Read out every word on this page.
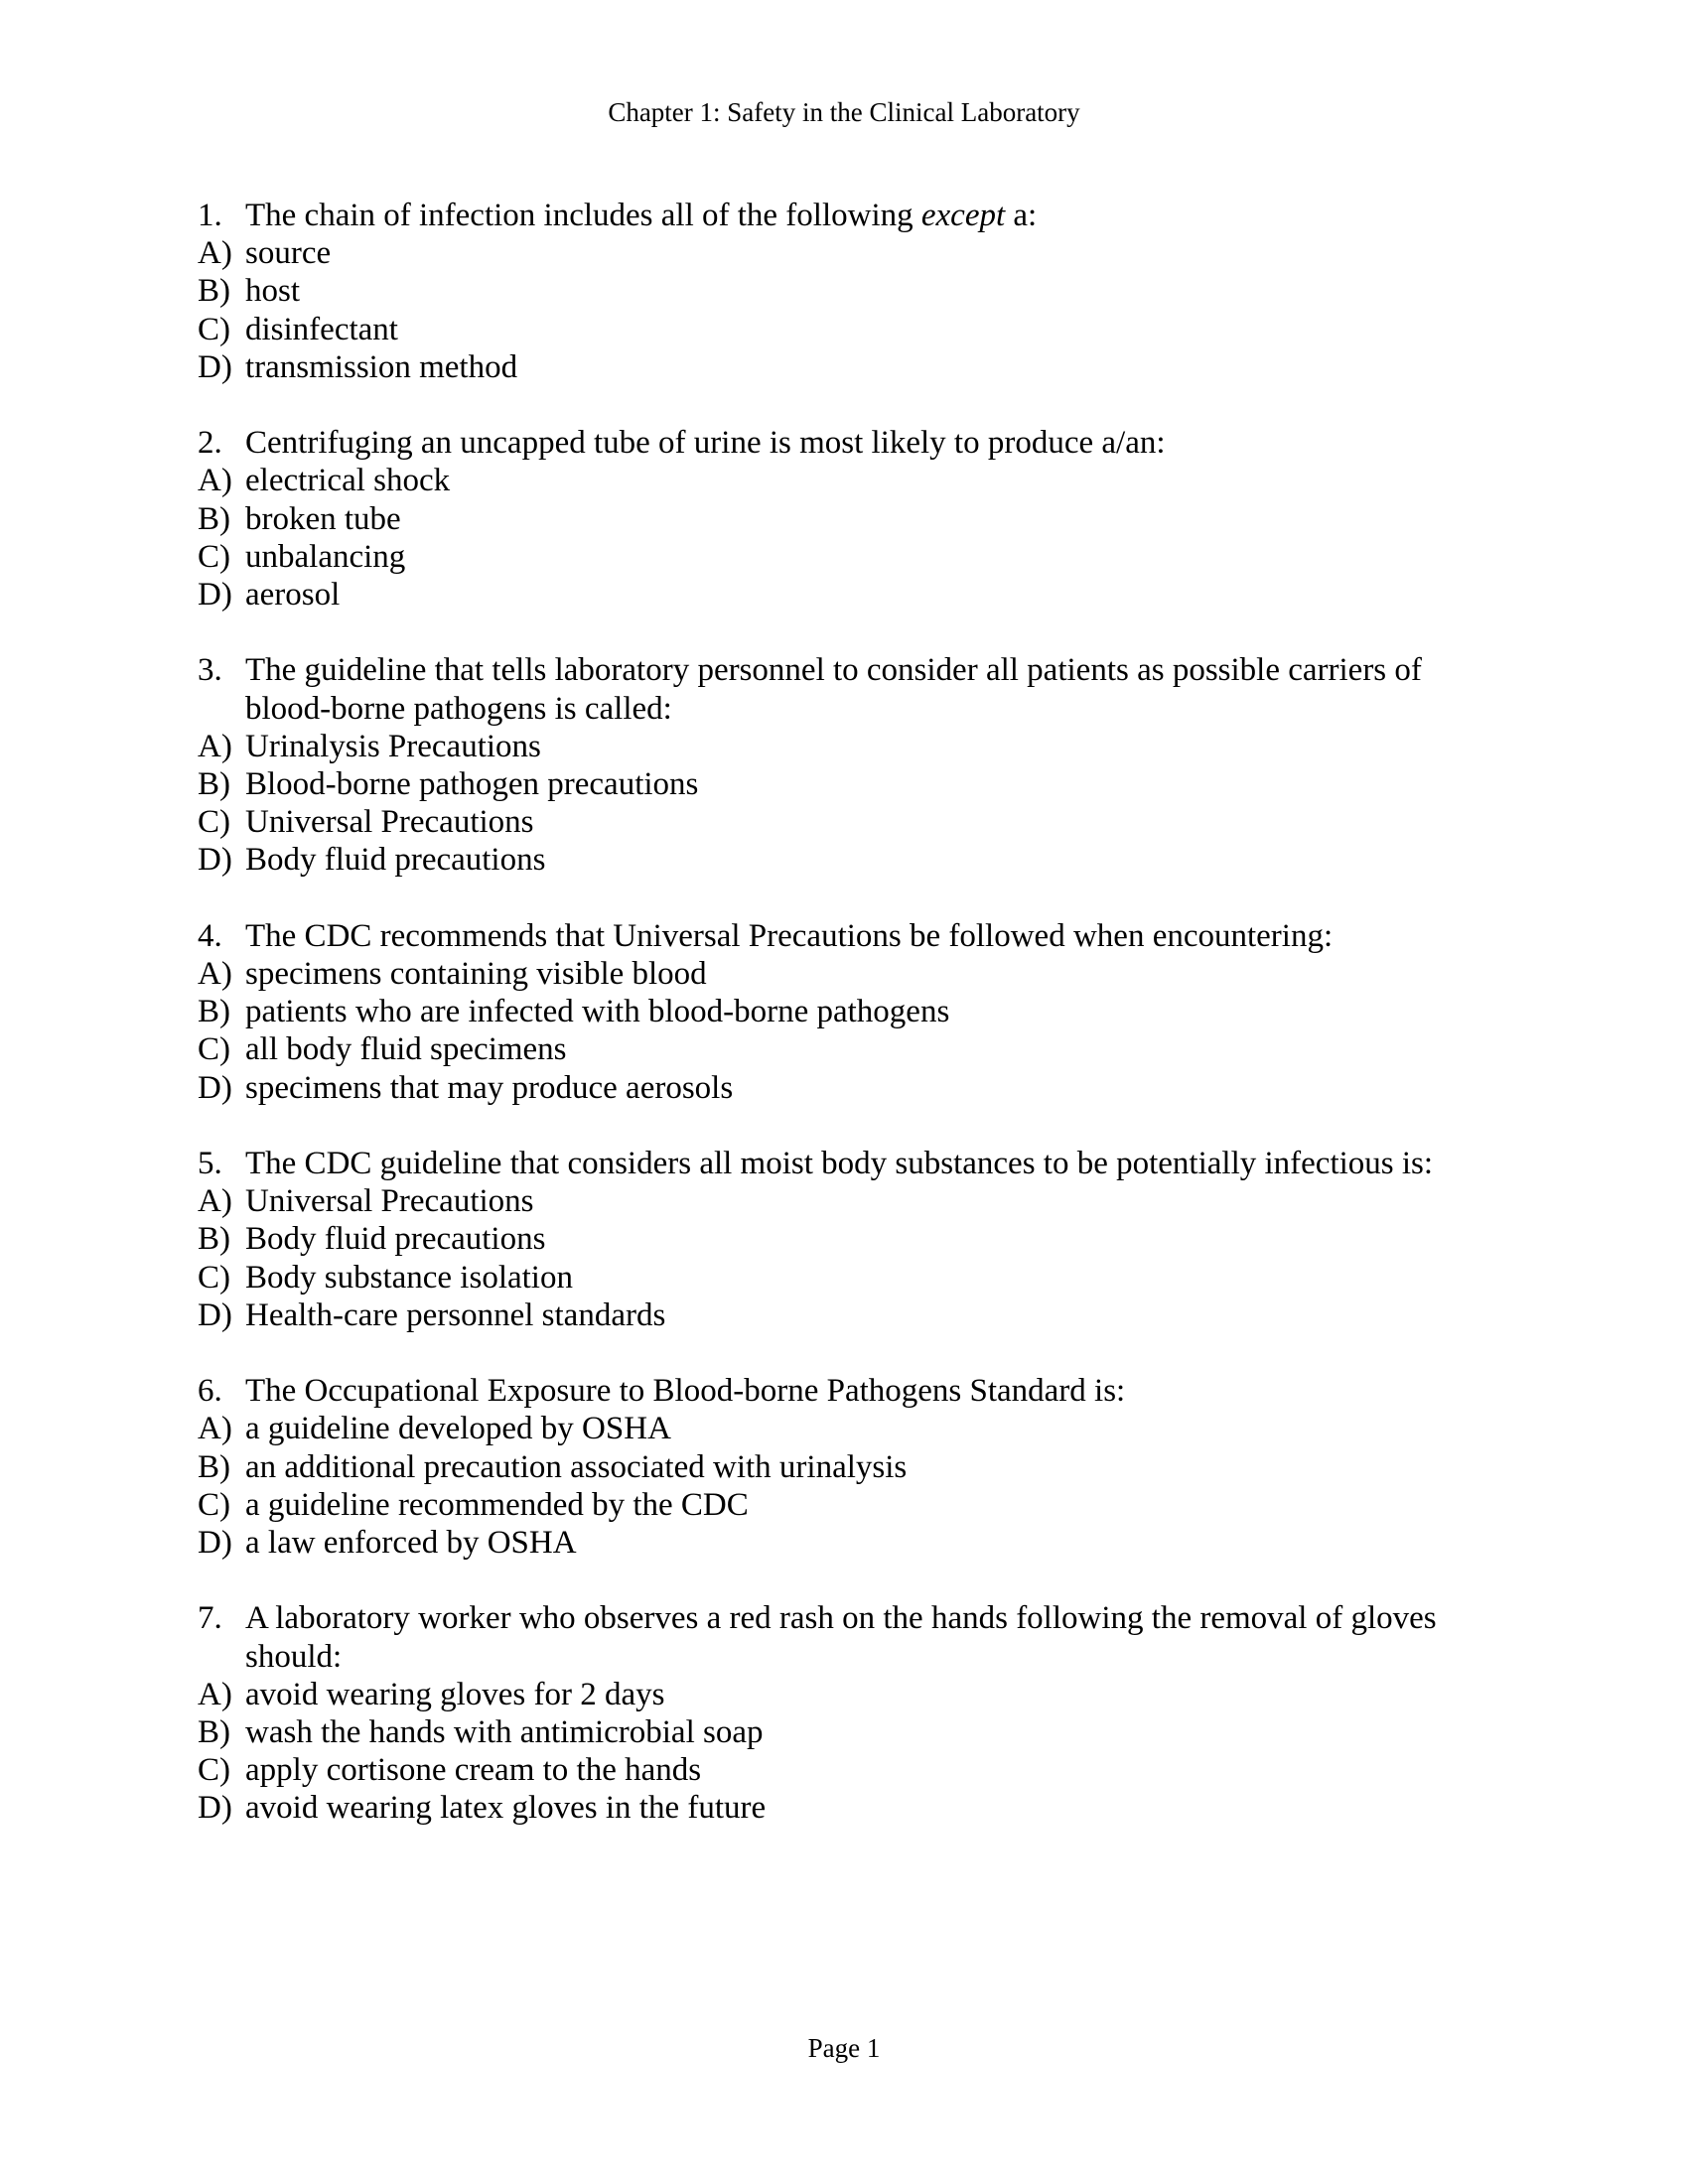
Chapter 1: Safety in the Clinical Laboratory
1. The chain of infection includes all of the following except a:
A) source
B) host
C) disinfectant
D) transmission method
2. Centrifuging an uncapped tube of urine is most likely to produce a/an:
A) electrical shock
B) broken tube
C) unbalancing
D) aerosol
3. The guideline that tells laboratory personnel to consider all patients as possible carriers of blood-borne pathogens is called:
A) Urinalysis Precautions
B) Blood-borne pathogen precautions
C) Universal Precautions
D) Body fluid precautions
4. The CDC recommends that Universal Precautions be followed when encountering:
A) specimens containing visible blood
B) patients who are infected with blood-borne pathogens
C) all body fluid specimens
D) specimens that may produce aerosols
5. The CDC guideline that considers all moist body substances to be potentially infectious is:
A) Universal Precautions
B) Body fluid precautions
C) Body substance isolation
D) Health-care personnel standards
6. The Occupational Exposure to Blood-borne Pathogens Standard is:
A) a guideline developed by OSHA
B) an additional precaution associated with urinalysis
C) a guideline recommended by the CDC
D) a law enforced by OSHA
7. A laboratory worker who observes a red rash on the hands following the removal of gloves should:
A) avoid wearing gloves for 2 days
B) wash the hands with antimicrobial soap
C) apply cortisone cream to the hands
D) avoid wearing latex gloves in the future
Page 1
